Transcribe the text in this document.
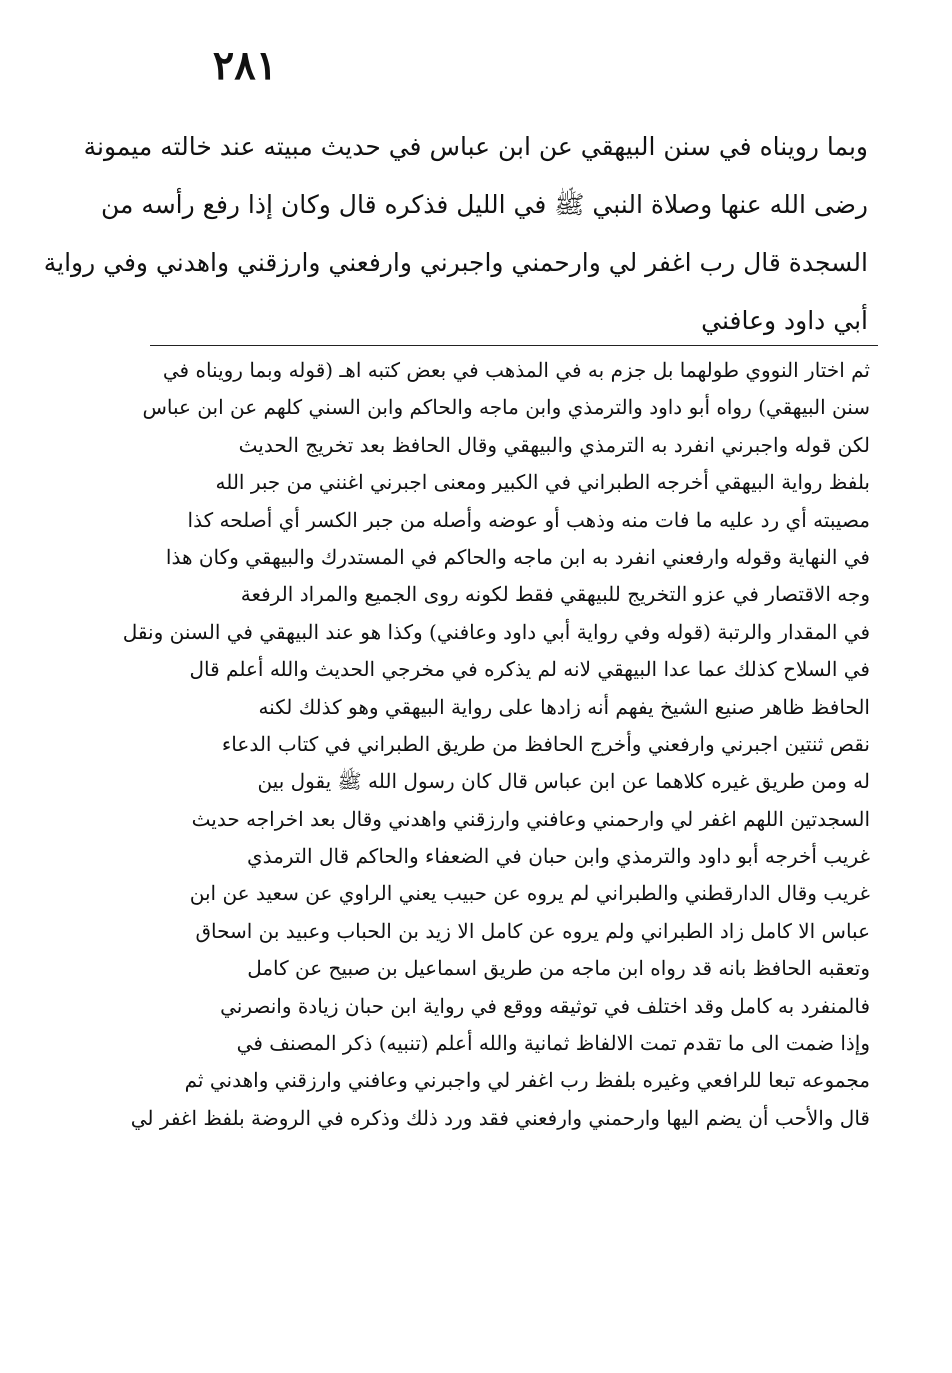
٢٨١
وبما رويناه في سنن البيهقي عن ابن عباس في حديث مبيته عند خالته ميمونة
رضى الله عنها وصلاة النبي ﷺ في الليل فذكره قال وكان إذا رفع رأسه من
السجدة قال رب اغفر لي وارحمني واجبرني وارفعني وارزقني واهدني وفي رواية
أبي داود وعافني
ثم اختار النووي طولهما بل جزم به في المذهب في بعض كتبه اهـ (قوله وبما رويناه في
سنن البيهقي) رواه أبو داود والترمذي وابن ماجه والحاكم وابن السني كلهم عن ابن عباس
لكن قوله واجبرني انفرد به الترمذي والبيهقي وقال الحافظ بعد تخريج الحديث
بلفظ رواية البيهقي أخرجه الطبراني في الكبير ومعنى اجبرني اغنني من جبر الله
مصيبته أي رد عليه ما فات منه وذهب أو عوضه وأصله من جبر الكسر أي أصلحه كذا
في النهاية وقوله وارفعني انفرد به ابن ماجه والحاكم في المستدرك والبيهقي وكان هذا
وجه الاقتصار في عزو التخريج للبيهقي فقط لكونه روى الجميع والمراد الرفعة
في المقدار والرتبة (قوله وفي رواية أبي داود وعافني) وكذا هو عند البيهقي في السنن ونقل
في السلاح كذلك عما عدا البيهقي لانه لم يذكره في مخرجي الحديث والله أعلم قال
الحافظ ظاهر صنيع الشيخ يفهم أنه زادها على رواية البيهقي وهو كذلك لكنه
نقص ثنتين اجبرني وارفعني وأخرج الحافظ من طريق الطبراني في كتاب الدعاء
له ومن طريق غيره كلاهما عن ابن عباس قال كان رسول الله ﷺ يقول بين
السجدتين اللهم اغفر لي وارحمني وعافني وارزقني واهدني وقال بعد اخراجه حديث
غريب أخرجه أبو داود والترمذي وابن حبان في الضعفاء والحاكم قال الترمذي
غريب وقال الدارقطني والطبراني لم يروه عن حبيب يعني الراوي عن سعيد عن ابن
عباس الا كامل زاد الطبراني ولم يروه عن كامل الا زيد بن الحباب وعبيد بن اسحاق
وتعقبه الحافظ بانه قد رواه ابن ماجه من طريق اسماعيل بن صبيح عن كامل
فالمنفرد به كامل وقد اختلف في توثيقه ووقع في رواية ابن حبان زيادة وانصرني
وإذا ضمت الى ما تقدم تمت الالفاظ ثمانية والله أعلم (تنبيه) ذكر المصنف في
مجموعه تبعا للرافعي وغيره بلفظ رب اغفر لي واجبرني وعافني وارزقني واهدني ثم
قال والأحب أن يضم اليها وارحمني وارفعني فقد ورد ذلك وذكره في الروضة بلفظ اغفر لي
